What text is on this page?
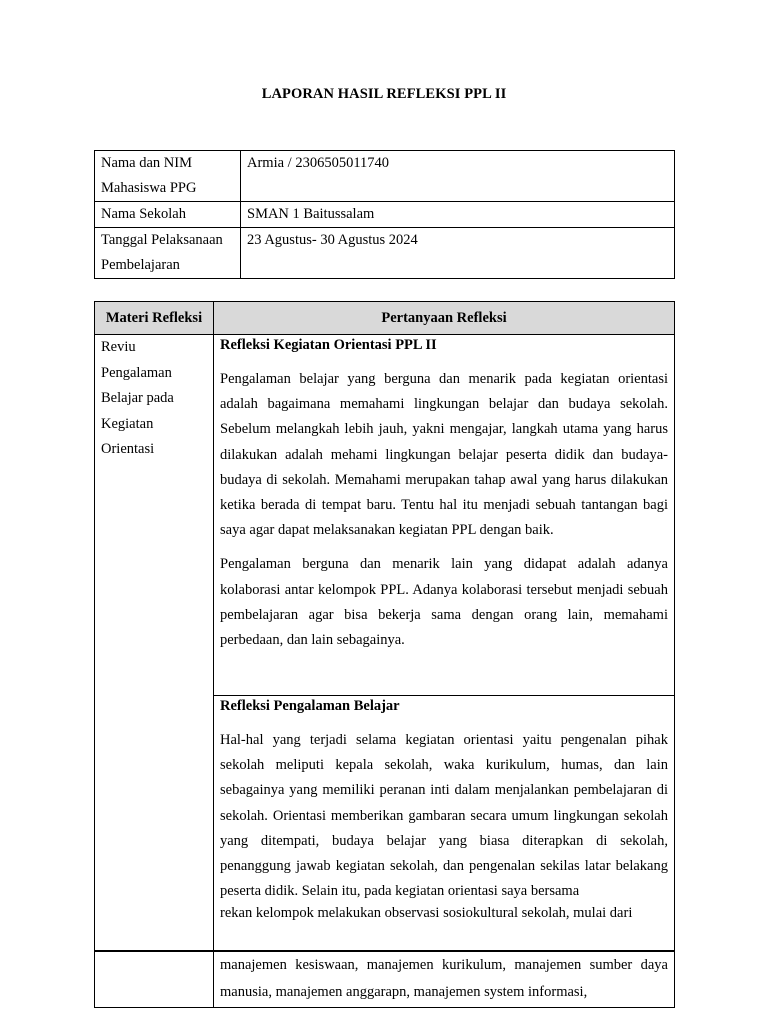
LAPORAN HASIL REFLEKSI PPL II
Nama dan NIM Mahasiswa PPG	Armia / 2306505011740
Nama Sekolah	SMAN 1 Baitussalam
Tanggal Pelaksanaan Pembelajaran	23 Agustus- 30 Agustus 2024
Materi Refleksi	Pertanyaan Refleksi
Reviu Pengalaman Belajar pada Kegiatan Orientasi	Refleksi Kegiatan Orientasi PPL II

Pengalaman belajar yang berguna dan menarik pada kegiatan orientasi adalah bagaimana memahami lingkungan belajar dan budaya sekolah. Sebelum melangkah lebih jauh, yakni mengajar, langkah utama yang harus dilakukan adalah mehami lingkungan belajar peserta didik dan budaya-budaya di sekolah. Memahami merupakan tahap awal yang harus dilakukan ketika berada di tempat baru. Tentu hal itu menjadi sebuah tantangan bagi saya agar dapat melaksanakan kegiatan PPL dengan baik.

Pengalaman berguna dan menarik lain yang didapat adalah adanya kolaborasi antar kelompok PPL. Adanya kolaborasi tersebut menjadi sebuah pembelajaran agar bisa bekerja sama dengan orang lain, memahami perbedaan, dan lain sebagainya.

	Refleksi Pengalaman Belajar

Hal-hal yang terjadi selama kegiatan orientasi yaitu pengenalan pihak sekolah meliputi kepala sekolah, waka kurikulum, humas, dan lain sebagainya yang memiliki peranan inti dalam menjalankan pembelajaran di sekolah. Orientasi memberikan gambaran secara umum lingkungan sekolah yang ditempati, budaya belajar yang biasa diterapkan di sekolah, penanggung jawab kegiatan sekolah, dan pengenalan sekilas latar belakang peserta didik. Selain itu, pada kegiatan orientasi saya bersama

rekan kelompok melakukan observasi sosiokultural sekolah, mulai dari

	manajemen kesiswaan, manajemen kurikulum, manajemen sumber daya manusia, manajemen anggarapn, manajemen system informasi,
